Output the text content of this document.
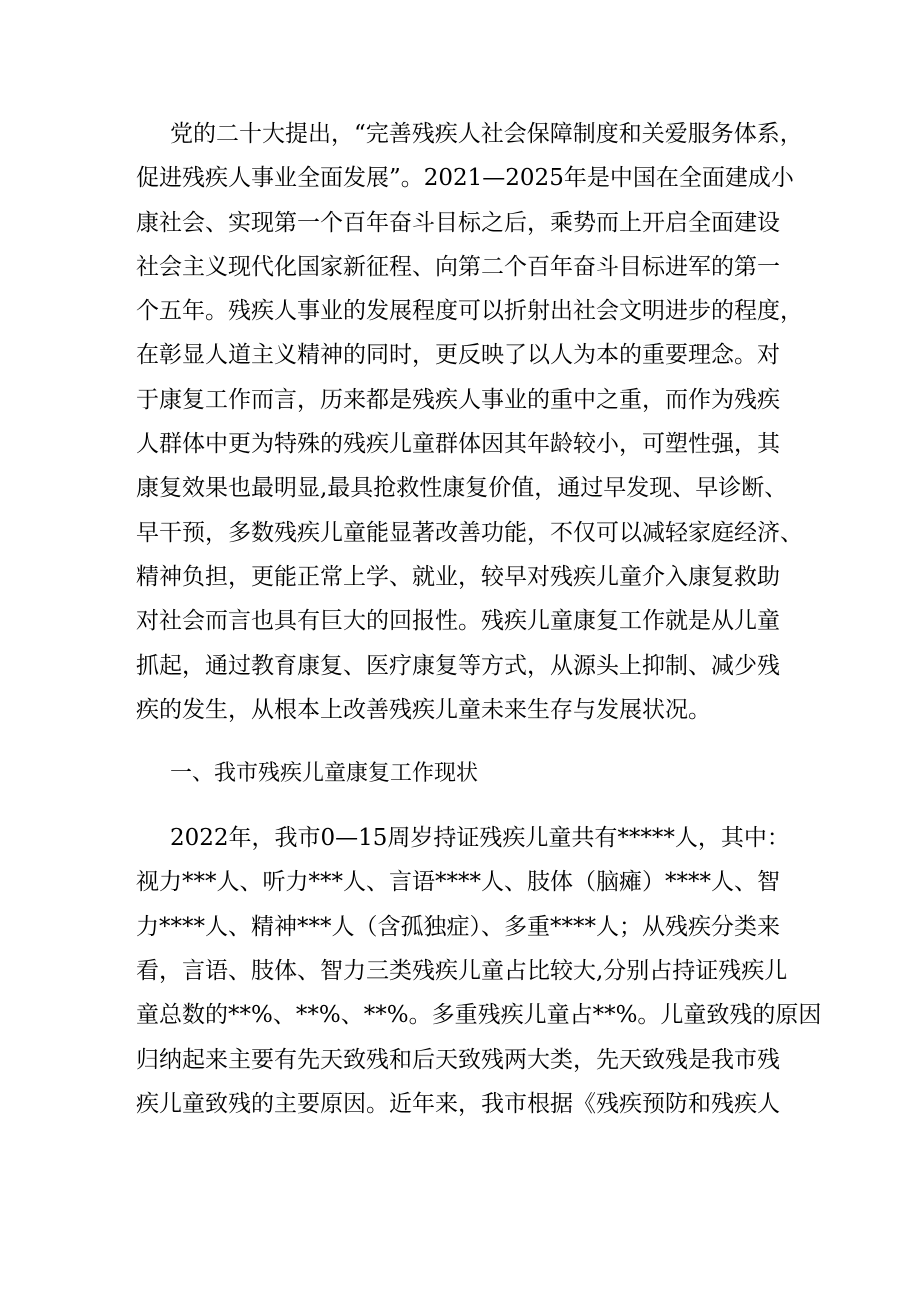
党的二十大提出，“完善残疾人社会保障制度和关爱服务体系，
促进残疾人事业全面发展”。2021—2025年是中国在全面建成小
康社会、实现第一个百年奋斗目标之后，乘势而上开启全面建设
社会主义现代化国家新征程、向第二个百年奋斗目标进军的第一
个五年。残疾人事业的发展程度可以折射出社会文明进步的程度，
在彰显人道主义精神的同时，更反映了以人为本的重要理念。对
于康复工作而言，历来都是残疾人事业的重中之重，而作为残疾
人群体中更为特殊的残疾儿童群体因其年龄较小，可塑性强，其
康复效果也最明显,最具抢救性康复价值，通过早发现、早诊断、
早干预，多数残疾儿童能显著改善功能，不仅可以减轻家庭经济、
精神负担，更能正常上学、就业，较早对残疾儿童介入康复救助
对社会而言也具有巨大的回报性。残疾儿童康复工作就是从儿童
抓起，通过教育康复、医疗康复等方式，从源头上抑制、减少残
疾的发生，从根本上改善残疾儿童未来生存与发展状况。
一、我市残疾儿童康复工作现状
2022年，我市0—15周岁持证残疾儿童共有*****人，其中：
视力***人、听力***人、言语****人、肢体（脑瘫）****人、智
力****人、精神***人（含孤独症）、多重****人；从残疾分类来
看，言语、肢体、智力三类残疾儿童占比较大,分别占持证残疾儿
童总数的**%、**%、**%。多重残疾儿童占**%。儿童致残的原因
归纳起来主要有先天致残和后天致残两大类，先天致残是我市残
疾儿童致残的主要原因。近年来，我市根据《残疾预防和残疾人
